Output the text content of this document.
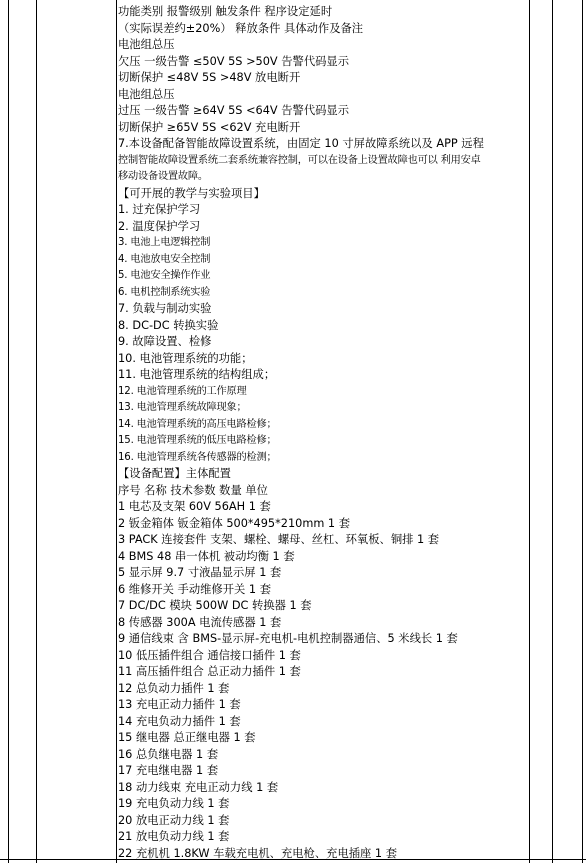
功能类别 报警级别 触发条件 程序设定延时
（实际误差约±20%） 释放条件 具体动作及备注
电池组总压
欠压 一级告警 ≤50V 5S >50V 告警代码显示
切断保护 ≤48V 5S >48V 放电断开
电池组总压
过压 一级告警 ≥64V 5S <64V 告警代码显示
切断保护 ≥65V 5S <62V 充电断开
7.本设备配备智能故障设置系统，由固定 10 寸屏故障系统以及 APP 远程
控制智能故障设置系统二套系统兼容控制，可以在设备上设置故障也可以 利用安卓
移动设备设置故障。
【可开展的教学与实验项目】
1. 过充保护学习
2. 温度保护学习
3. 电池上电逻辑控制
4. 电池放电安全控制
5. 电池安全操作作业
6. 电机控制系统实验
7. 负载与制动实验
8. DC-DC 转换实验
9. 故障设置、检修
10. 电池管理系统的功能；
11. 电池管理系统的结构组成；
12. 电池管理系统的工作原理
13. 电池管理系统故障现象；
14. 电池管理系统的高压电路检修；
15. 电池管理系统的低压电路检修；
16. 电池管理系统各传感器的检测；
【设备配置】主体配置
序号 名称 技术参数 数量 单位
1 电芯及支架 60V 56AH 1 套
2 钣金箱体 钣金箱体 500*495*210mm 1 套
3 PACK 连接套件 支架、螺栓、螺母、丝杠、环氧板、铜排 1 套
4 BMS 48 串一体机 被动均衡 1 套
5 显示屏 9.7 寸液晶显示屏 1 套
6 维修开关 手动维修开关 1 套
7 DC/DC 模块 500W DC 转换器 1 套
8 传感器 300A 电流传感器 1 套
9 通信线束 含 BMS-显示屏-充电机-电机控制器通信、5 米线长 1 套
10 低压插件组合 通信接口插件 1 套
11 高压插件组合 总正动力插件 1 套
12 总负动力插件 1 套
13 充电正动力插件 1 套
14 充电负动力插件 1 套
15 继电器 总正继电器 1 套
16 总负继电器 1 套
17 充电继电器 1 套
18 动力线束 充电正动力线 1 套
19 充电负动力线 1 套
20 放电正动力线 1 套
21 放电负动力线 1 套
22 充机机 1.8KW 车载充电机、充电枪、充电插座 1 套
